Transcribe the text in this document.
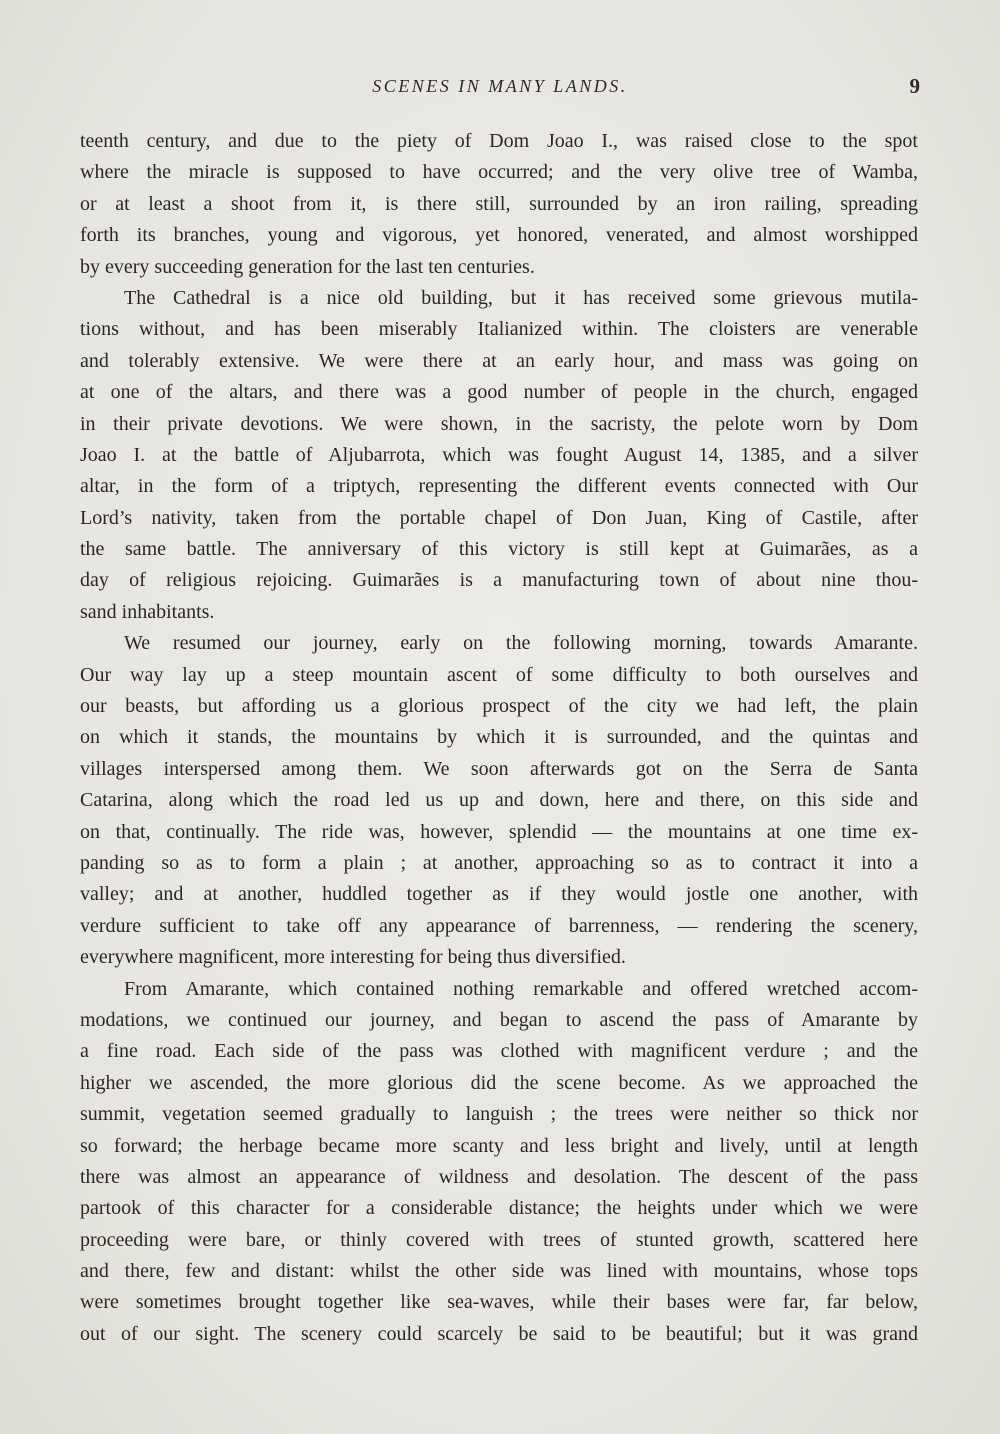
SCENES IN MANY LANDS.	9
teenth century, and due to the piety of Dom Joao I., was raised close to the spot
where the miracle is supposed to have occurred; and the very olive tree of Wamba,
or at least a shoot from it, is there still, surrounded by an iron railing, spreading
forth its branches, young and vigorous, yet honored, venerated, and almost worshipped
by every succeeding generation for the last ten centuries.
The Cathedral is a nice old building, but it has received some grievous mutila-
tions without, and has been miserably Italianized within. The cloisters are venerable
and tolerably extensive. We were there at an early hour, and mass was going on
at one of the altars, and there was a good number of people in the church, engaged
in their private devotions. We were shown, in the sacristy, the pelote worn by Dom
Joao I. at the battle of Aljubarrota, which was fought August 14, 1385, and a silver
altar, in the form of a triptych, representing the different events connected with Our
Lord’s nativity, taken from the portable chapel of Don Juan, King of Castile, after
the same battle. The anniversary of this victory is still kept at Guimarães, as a
day of religious rejoicing. Guimarães is a manufacturing town of about nine thou-
sand inhabitants.
We resumed our journey, early on the following morning, towards Amarante.
Our way lay up a steep mountain ascent of some difficulty to both ourselves and
our beasts, but affording us a glorious prospect of the city we had left, the plain
on which it stands, the mountains by which it is surrounded, and the quintas and
villages interspersed among them. We soon afterwards got on the Serra de Santa
Catarina, along which the road led us up and down, here and there, on this side and
on that, continually. The ride was, however, splendid — the mountains at one time ex-
panding so as to form a plain ; at another, approaching so as to contract it into a
valley; and at another, huddled together as if they would jostle one another, with
verdure sufficient to take off any appearance of barrenness, — rendering the scenery,
everywhere magnificent, more interesting for being thus diversified.
From Amarante, which contained nothing remarkable and offered wretched accom-
modations, we continued our journey, and began to ascend the pass of Amarante by
a fine road. Each side of the pass was clothed with magnificent verdure ; and the
higher we ascended, the more glorious did the scene become. As we approached the
summit, vegetation seemed gradually to languish ; the trees were neither so thick nor
so forward; the herbage became more scanty and less bright and lively, until at length
there was almost an appearance of wildness and desolation. The descent of the pass
partook of this character for a considerable distance; the heights under which we were
proceeding were bare, or thinly covered with trees of stunted growth, scattered here
and there, few and distant: whilst the other side was lined with mountains, whose tops
were sometimes brought together like sea-waves, while their bases were far, far below,
out of our sight. The scenery could scarcely be said to be beautiful; but it was grand
